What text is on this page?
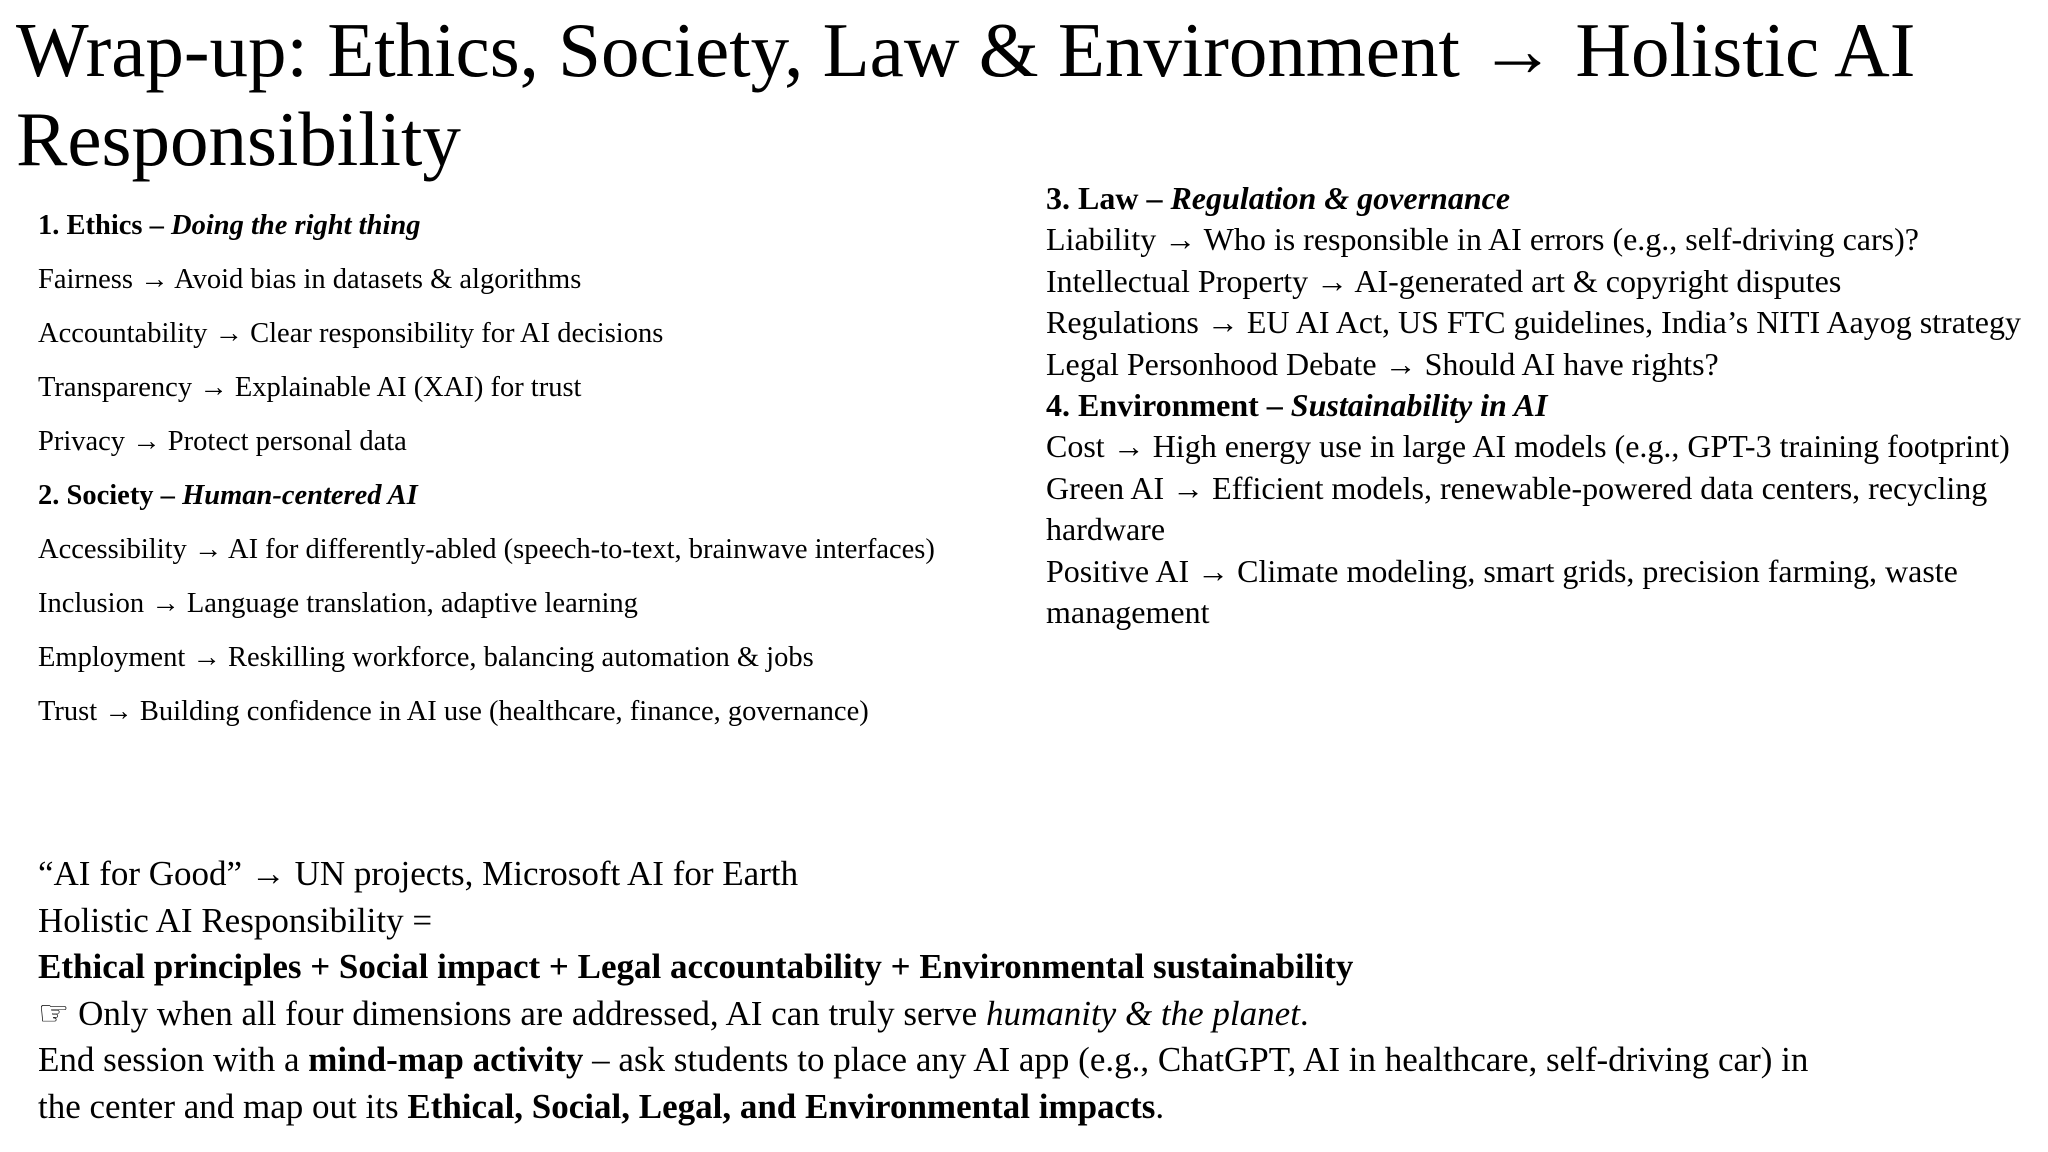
Wrap-up: Ethics, Society, Law & Environment → Holistic AI Responsibility
1. Ethics – Doing the right thing
Fairness → Avoid bias in datasets & algorithms
Accountability → Clear responsibility for AI decisions
Transparency → Explainable AI (XAI) for trust
Privacy → Protect personal data
2. Society – Human-centered AI
Accessibility → AI for differently-abled (speech-to-text, brainwave interfaces)
Inclusion → Language translation, adaptive learning
Employment → Reskilling workforce, balancing automation & jobs
Trust → Building confidence in AI use (healthcare, finance, governance)
3. Law – Regulation & governance
Liability → Who is responsible in AI errors (e.g., self-driving cars)?
Intellectual Property → AI-generated art & copyright disputes
Regulations → EU AI Act, US FTC guidelines, India’s NITI Aayog strategy
Legal Personhood Debate → Should AI have rights?
4. Environment – Sustainability in AI
Cost → High energy use in large AI models (e.g., GPT-3 training footprint)
Green AI → Efficient models, renewable-powered data centers, recycling hardware
Positive AI → Climate modeling, smart grids, precision farming, waste management
“AI for Good” → UN projects, Microsoft AI for Earth
Holistic AI Responsibility =
Ethical principles + Social impact + Legal accountability + Environmental sustainability
☞ Only when all four dimensions are addressed, AI can truly serve humanity & the planet.
End session with a mind-map activity – ask students to place any AI app (e.g., ChatGPT, AI in healthcare, self-driving car) in
the center and map out its Ethical, Social, Legal, and Environmental impacts.
